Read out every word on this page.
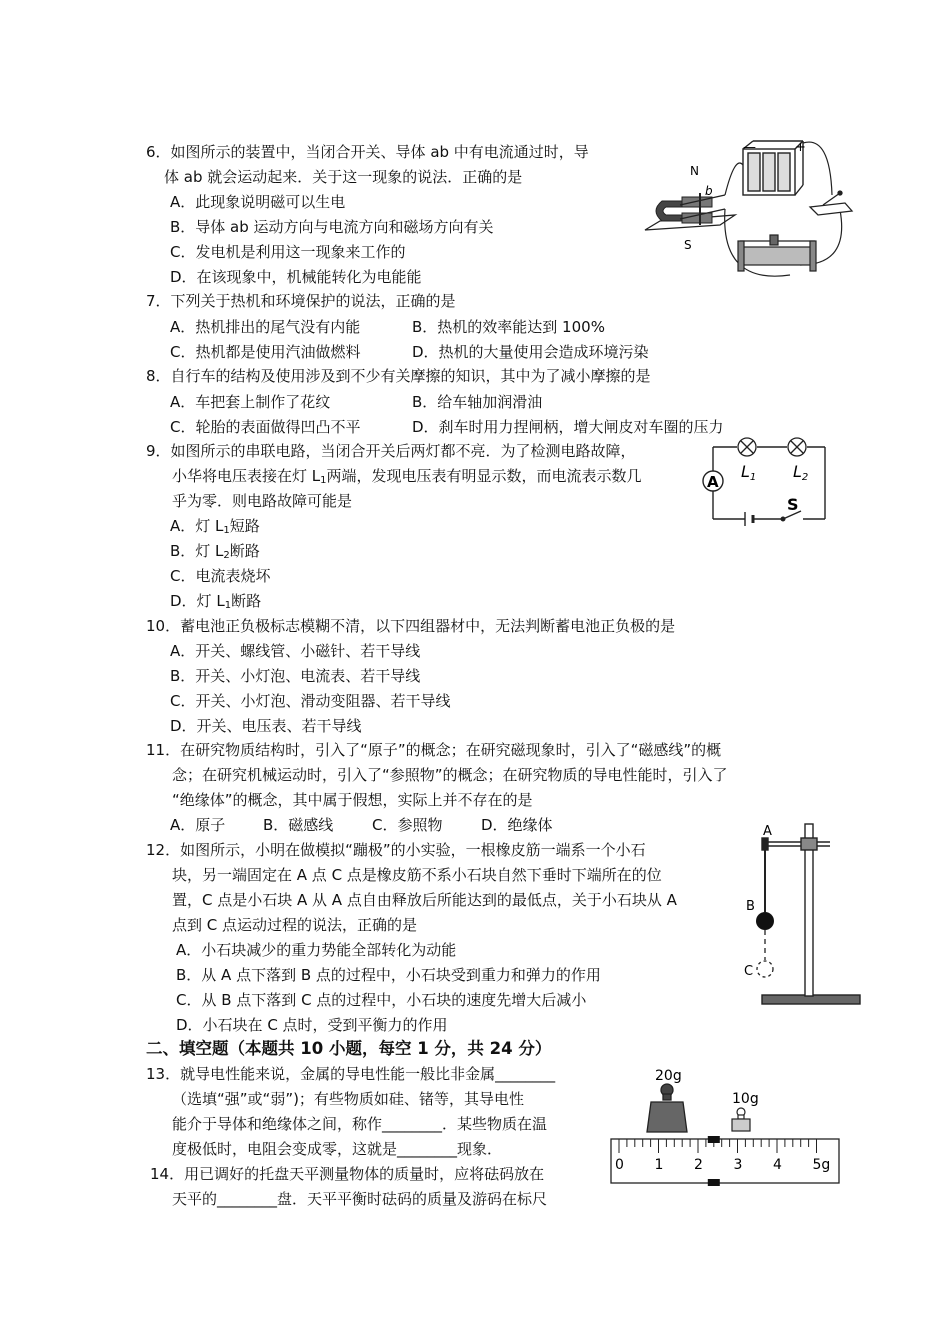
6．如图所示的装置中，当闭合开关、导体 ab 中有电流通过时，导
体 ab 就会运动起来．关于这一现象的说法．正确的是
A．此现象说明磁可以生电
B．导体 ab 运动方向与电流方向和磁场方向有关
C．发电机是利用这一现象来工作的
D．在该现象中，机械能转化为电能能
—	+
N
b
S
7．下列关于热机和环境保护的说法，正确的是
A．热机排出的尾气没有内能	B．热机的效率能达到 100%
C．热机都是使用汽油做燃料	D．热机的大量使用会造成环境污染
8．自行车的结构及使用涉及到不少有关摩擦的知识，其中为了减小摩擦的是
A．车把套上制作了花纹	B．给车轴加润滑油
C．轮胎的表面做得凹凸不平	D．刹车时用力捏闸柄，增大闸皮对车圈的压力
9．如图所示的串联电路，当闭合开关后两灯都不亮．为了检测电路故障，
小华将电压表接在灯 $L_1$两端，发现电压表有明显示数，而电流表示数几
乎为零．则电路故障可能是
A．灯 $L_1$短路
B．灯 $L_2$断路
C．电流表烧坏
D．灯 $L_1$断路
L1 L2
A
S
10．蓄电池正负极标志模糊不清，以下四组器材中，无法判断蓄电池正负极的是
A．开关、螺线管、小磁针、若干导线
B．开关、小灯泡、电流表、若干导线
C．开关、小灯泡、滑动变阻器、若干导线
D．开关、电压表、若干导线
11．在研究物质结构时，引入了“原子”的概念；在研究磁现象时，引入了“磁感线”的概
念；在研究机械运动时，引入了“参照物”的概念；在研究物质的导电性能时，引入了
“绝缘体”的概念，其中属于假想，实际上并不存在的是
A．原子	B．磁感线	C．参照物	D．绝缘体
12．如图所示，小明在做模拟“蹦极”的小实验，一根橡皮筋一端系一个小石
块，另一端固定在 A 点 C 点是橡皮筋不系小石块自然下垂时下端所在的位
置，C 点是小石块 A 从 A 点自由释放后所能达到的最低点，关于小石块从 A
点到 C 点运动过程的说法，正确的是
A．小石块减少的重力势能全部转化为动能
B．从 A 点下落到 B 点的过程中，小石块受到重力和弹力的作用
C．从 B 点下落到 C 点的过程中，小石块的速度先增大后减小
D．小石块在 C 点时，受到平衡力的作用
A
B
C
二、填空题（本题共 10 小题，每空 1 分，共 24 分）
13．就导电性能来说，金属的导电性能一般比非金属________
（选填“强”或“弱”)；有些物质如硅、锗等，其导电性
能介于导体和绝缘体之间，称作________．某些物质在温
度极低时，电阻会变成零，这就是________现象．
14．用已调好的托盘天平测量物体的质量时，应将砝码放在
天平的________盘．天平平衡时砝码的质量及游码在标尺
20g
10g
0 1 2 3 4 5g
